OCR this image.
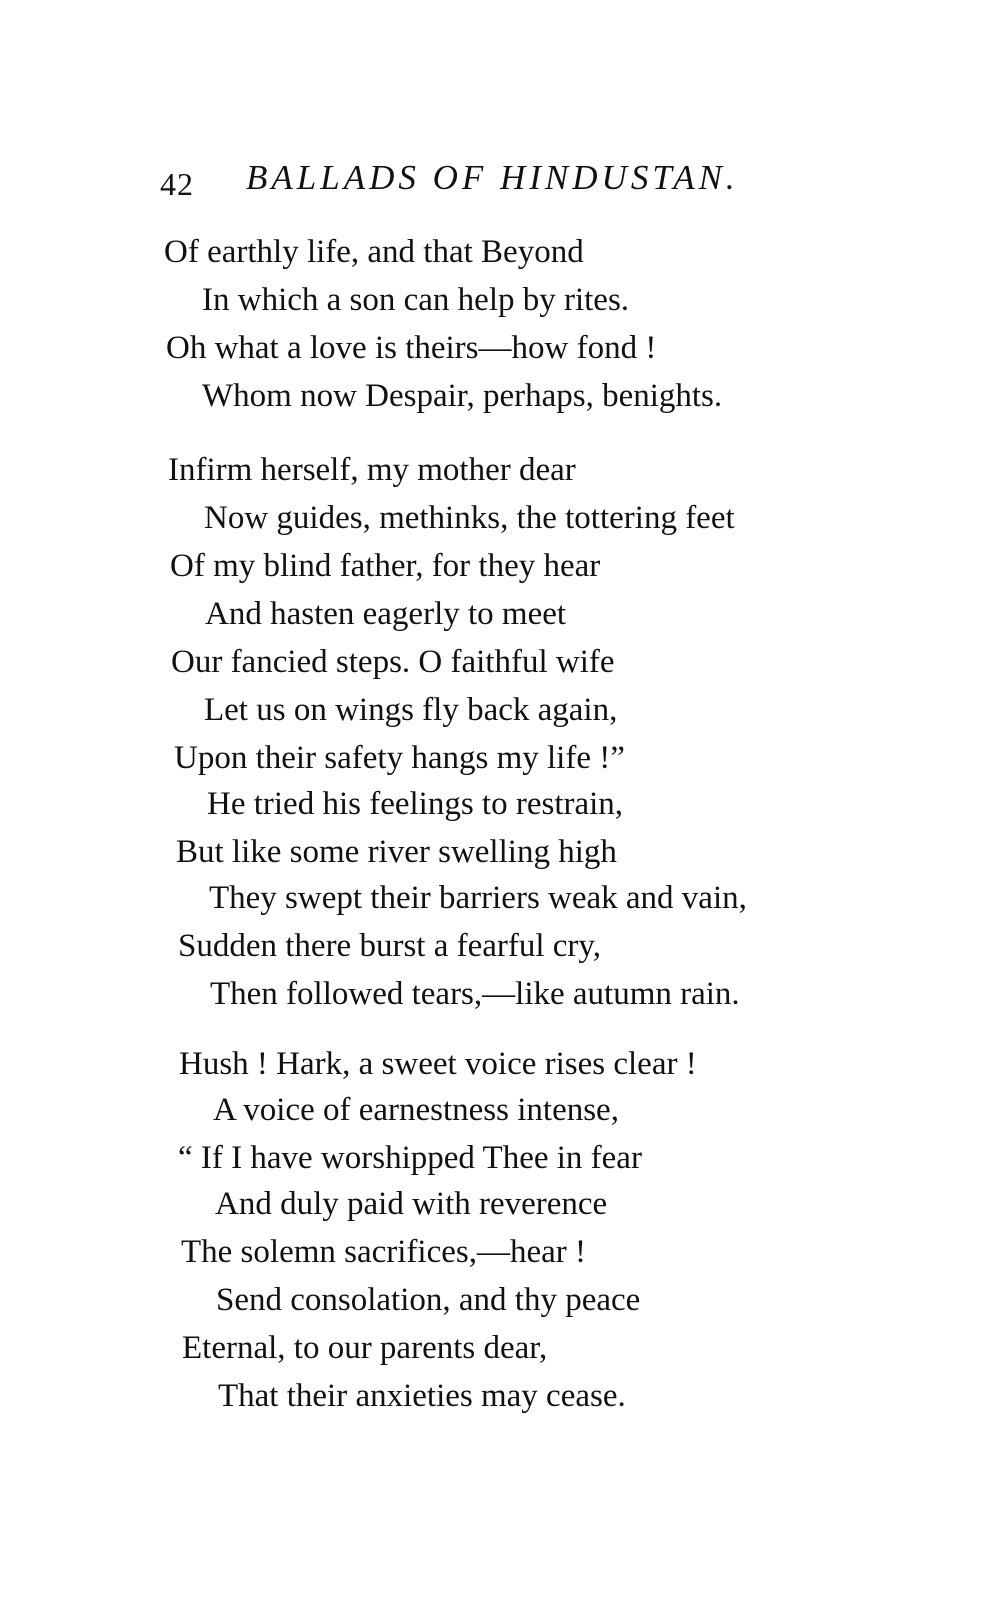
42 BALLADS OF HINDUSTAN.
Of earthly life, and that Beyond
In which a son can help by rites.
Oh what a love is theirs—how fond !
Whom now Despair, perhaps, benights.
Infirm herself, my mother dear
Now guides, methinks, the tottering feet
Of my blind father, for they hear
And hasten eagerly to meet
Our fancied steps. O faithful wife
Let us on wings fly back again,
Upon their safety hangs my life !”
He tried his feelings to restrain,
But like some river swelling high
They swept their barriers weak and vain,
Sudden there burst a fearful cry,
Then followed tears,—like autumn rain.
Hush ! Hark, a sweet voice rises clear !
A voice of earnestness intense,
“ If I have worshipped Thee in fear
And duly paid with reverence
The solemn sacrifices,—hear !
Send consolation, and thy peace
Eternal, to our parents dear,
That their anxieties may cease.
